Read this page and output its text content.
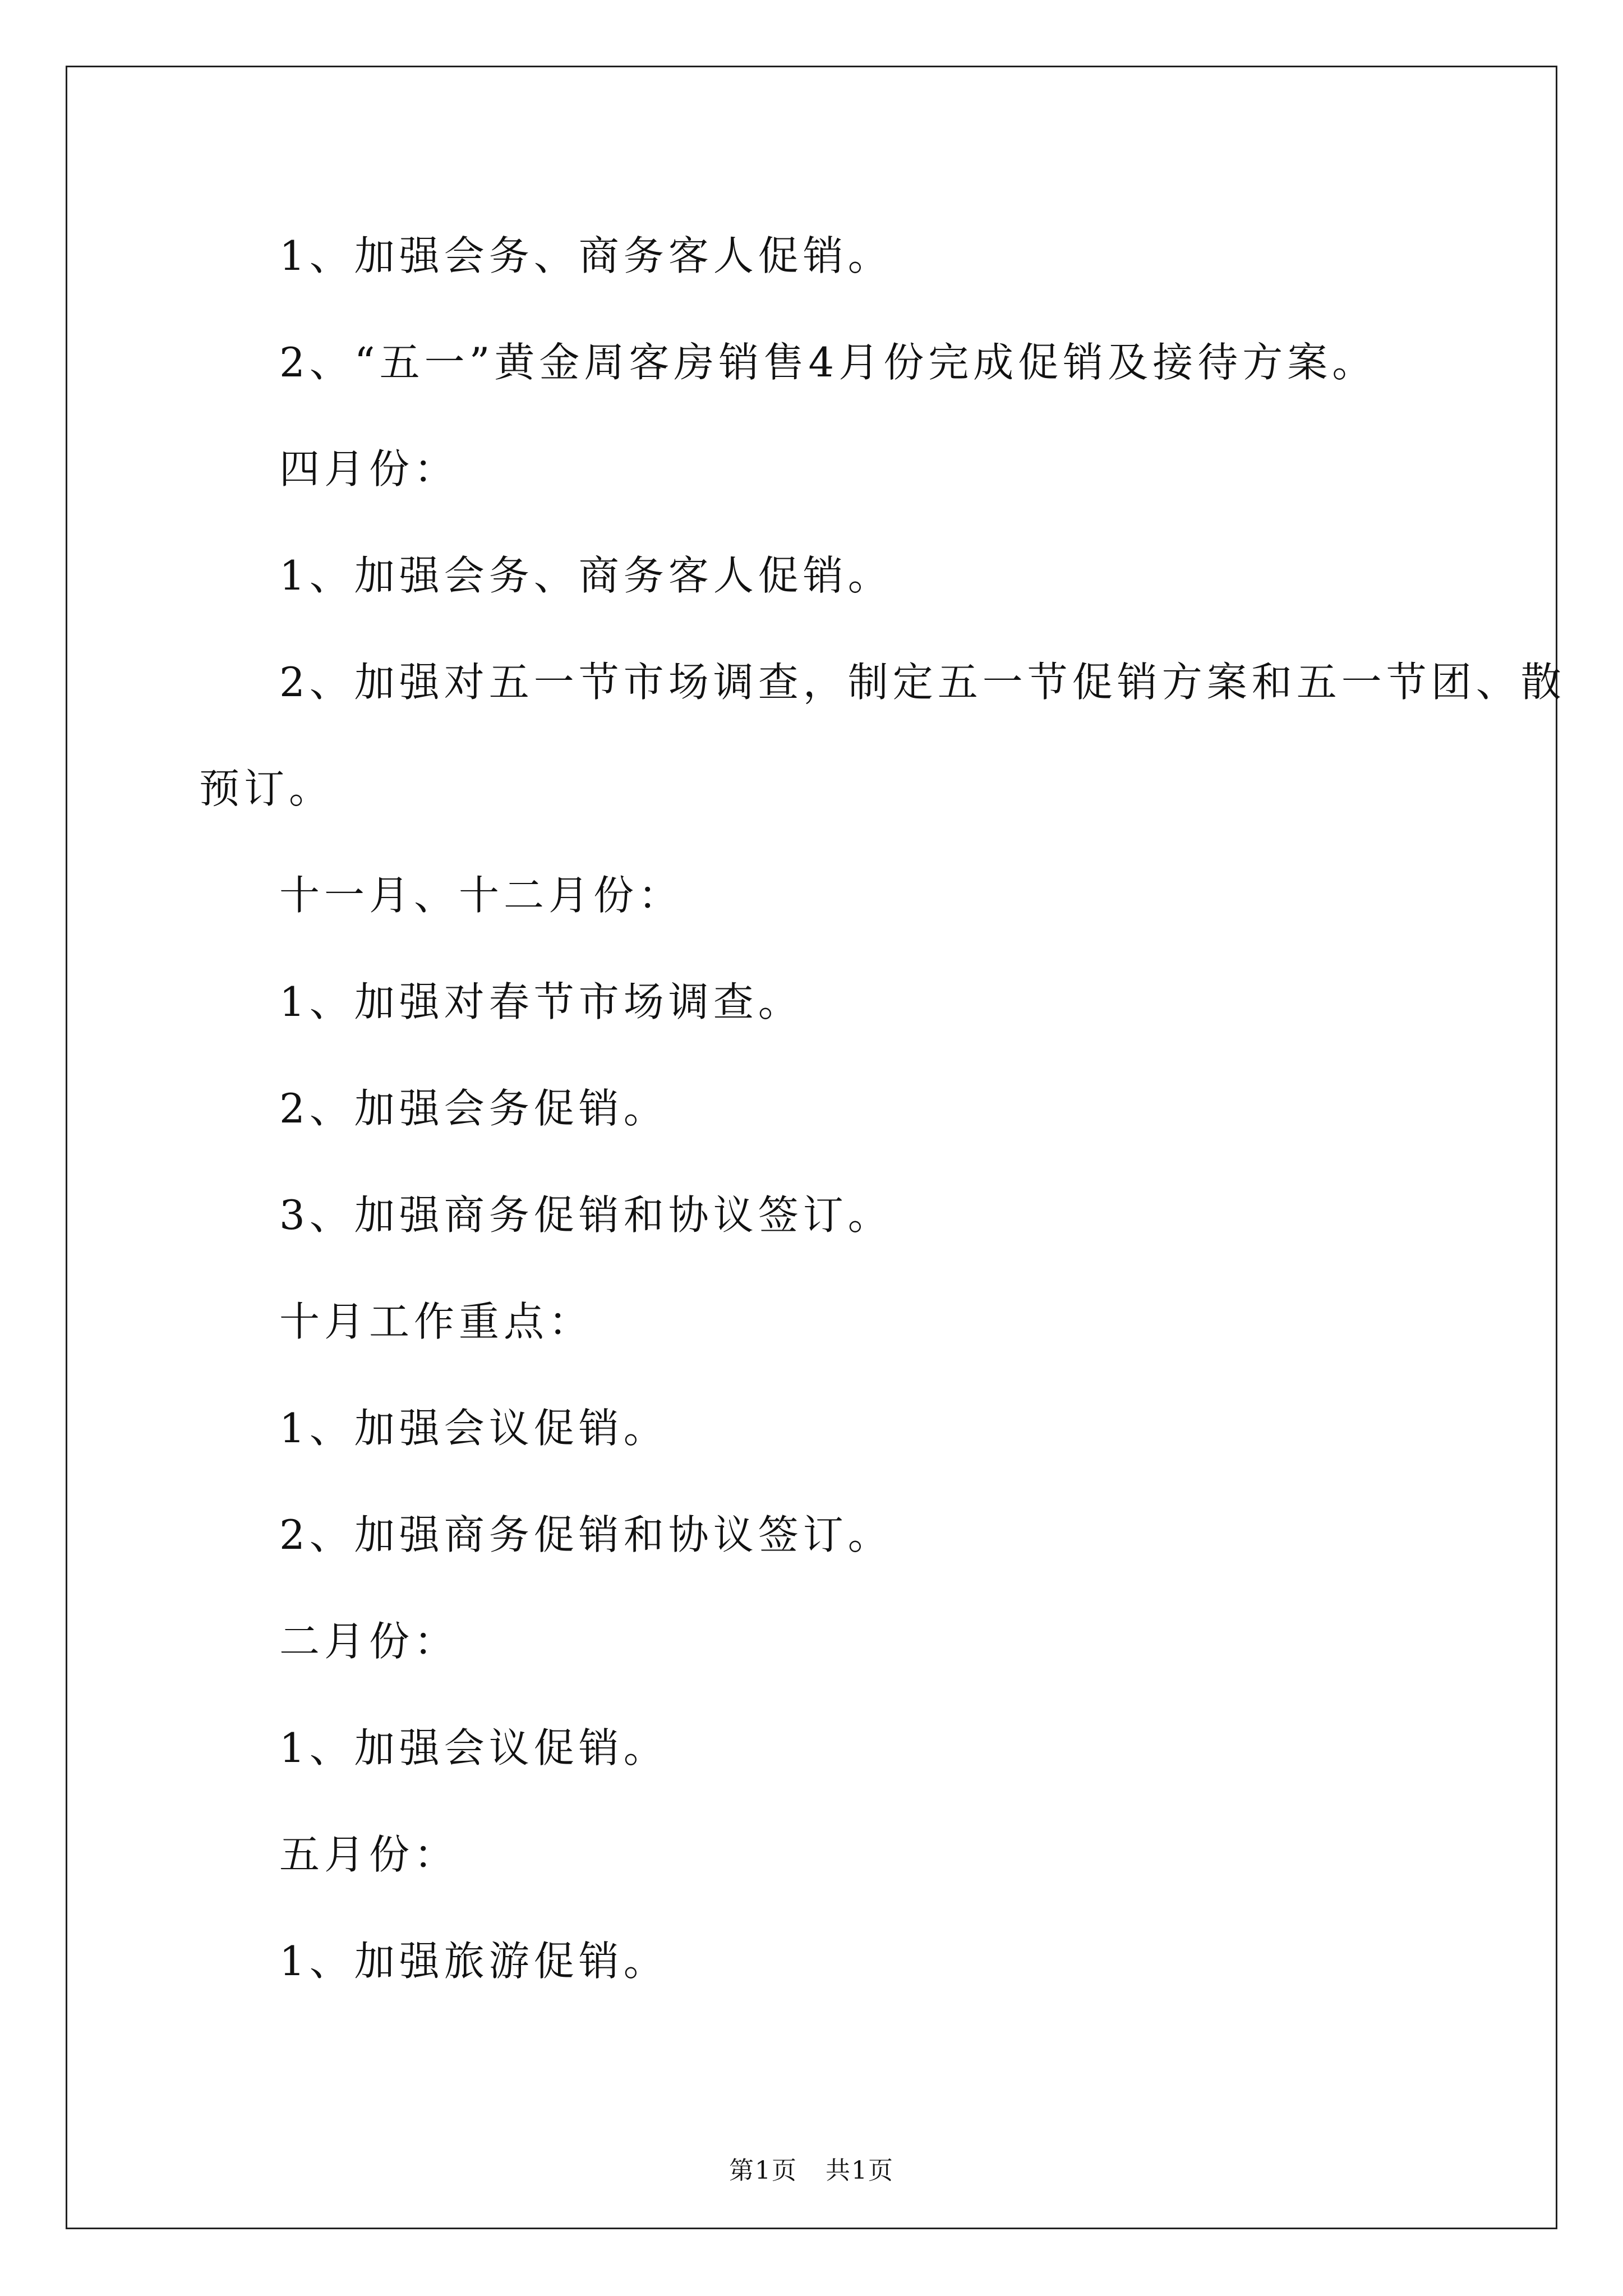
1、加强会务、商务客人促销。
2、“五一”黄金周客房销售4月份完成促销及接待方案。
四月份：
1、加强会务、商务客人促销。
2、加强对五一节市场调查，制定五一节促销方案和五一节团、散
预订。
十一月、十二月份：
1、加强对春节市场调查。
2、加强会务促销。
3、加强商务促销和协议签订。
十月工作重点：
1、加强会议促销。
2、加强商务促销和协议签订。
二月份：
1、加强会议促销。
五月份：
1、加强旅游促销。
第1页 共1页
